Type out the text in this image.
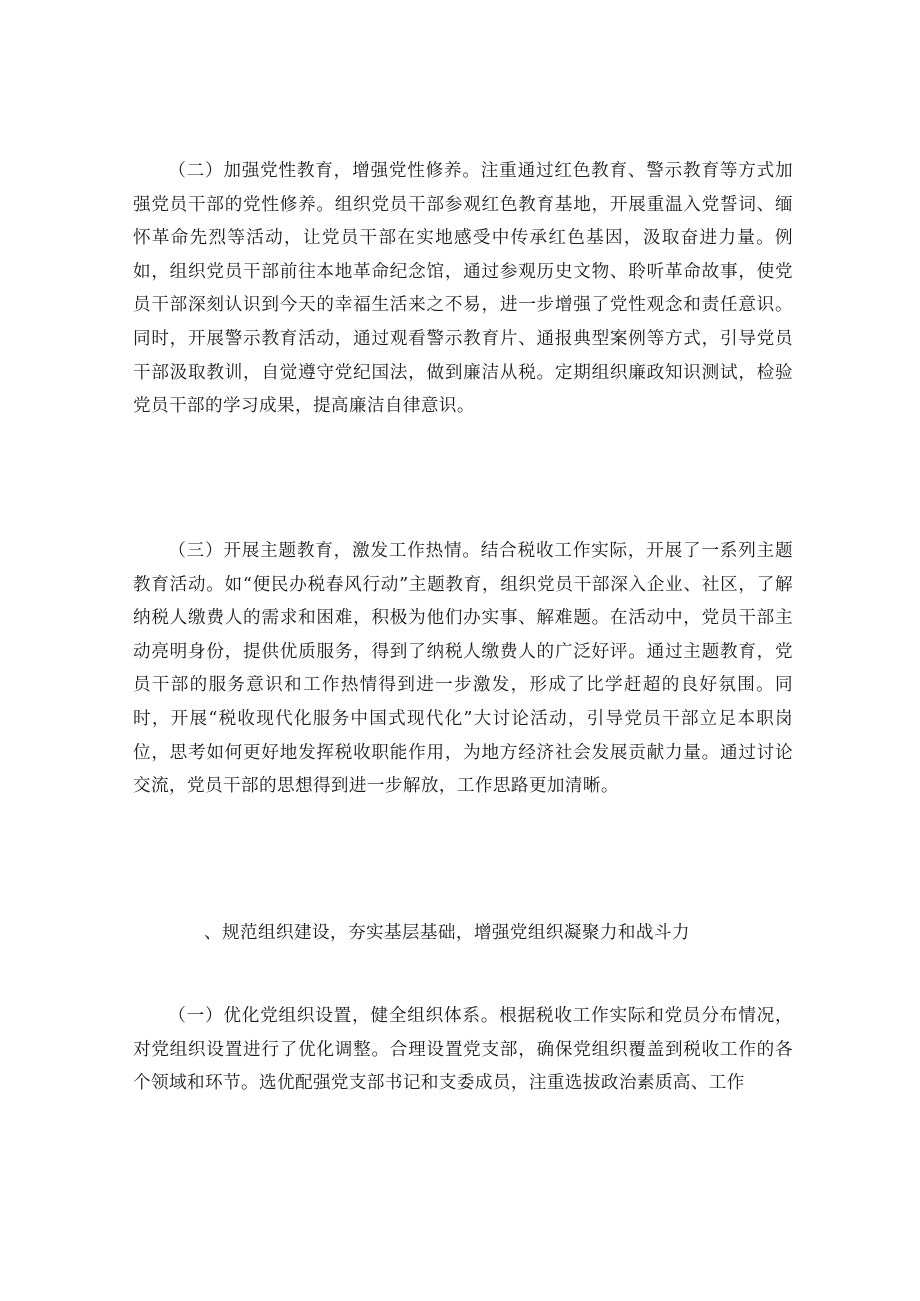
（二）加强党性教育，增强党性修养。注重通过红色教育、警示教育等方式加强党员干部的党性修养。组织党员干部参观红色教育基地，开展重温入党誓词、缅怀革命先烈等活动，让党员干部在实地感受中传承红色基因，汲取奋进力量。例如，组织党员干部前往本地革命纪念馆，通过参观历史文物、聆听革命故事，使党员干部深刻认识到今天的幸福生活来之不易，进一步增强了党性观念和责任意识。同时，开展警示教育活动，通过观看警示教育片、通报典型案例等方式，引导党员干部汲取教训，自觉遵守党纪国法，做到廉洁从税。定期组织廉政知识测试，检验党员干部的学习成果，提高廉洁自律意识。

（三）开展主题教育，激发工作热情。结合税收工作实际，开展了一系列主题教育活动。如“便民办税春风行动”主题教育，组织党员干部深入企业、社区，了解纳税人缴费人的需求和困难，积极为他们办实事、解难题。在活动中，党员干部主动亮明身份，提供优质服务，得到了纳税人缴费人的广泛好评。通过主题教育，党员干部的服务意识和工作热情得到进一步激发，形成了比学赶超的良好氛围。同时，开展“税收现代化服务中国式现代化”大讨论活动，引导党员干部立足本职岗位，思考如何更好地发挥税收职能作用，为地方经济社会发展贡献力量。通过讨论交流，党员干部的思想得到进一步解放，工作思路更加清晰。

、规范组织建设，夯实基层基础，增强党组织凝聚力和战斗力

（一）优化党组织设置，健全组织体系。根据税收工作实际和党员分布情况，对党组织设置进行了优化调整。合理设置党支部，确保党组织覆盖到税收工作的各个领域和环节。选优配强党支部书记和支委成员，注重选拔政治素质高、工作
